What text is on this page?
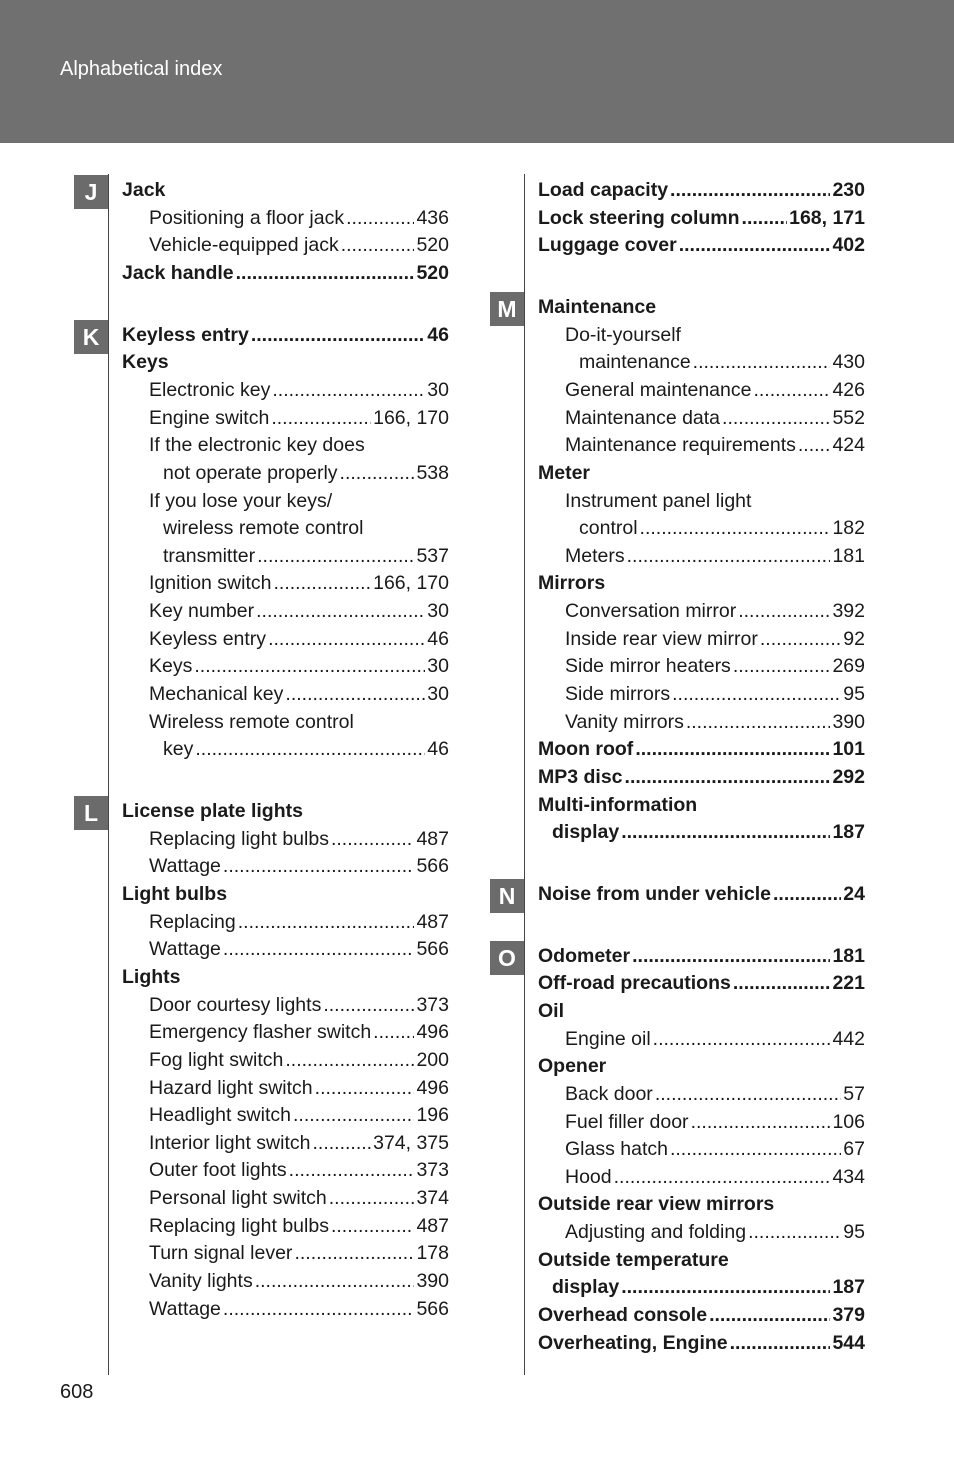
Alphabetical index
J	Jack
Positioning a floor jack .....	436
Vehicle-equipped jack .....	520
Jack handle .....	520
K	Keyless entry .....	46
Keys
Electronic key .....	30
Engine switch .....	166, 170
If the electronic key does
not operate properly .....	538
If you lose your keys/
wireless remote control
transmitter .....	537
Ignition switch .....	166, 170
Key number .....	30
Keyless entry .....	46
Keys .....	30
Mechanical key .....	30
Wireless remote control
key .....	46
L	License plate lights
Replacing light bulbs .....	487
Wattage .....	566
Light bulbs
Replacing .....	487
Wattage .....	566
Lights
Door courtesy lights .....	373
Emergency flasher switch ..... 496
Fog light switch .....	200
Hazard light switch .....	496
Headlight switch .....	196
Interior light switch .....	374, 375
Outer foot lights .....	373
Personal light switch .....	374
Replacing light bulbs .....	487
Turn signal lever .....	178
Vanity lights .....	390
Wattage .....	566
Load capacity .....	230
Lock steering column .....	168, 171
Luggage cover .....	402
M	Maintenance
Do-it-yourself
maintenance .....	430
General maintenance .....	426
Maintenance data .....	552
Maintenance requirements ..... 424
Meter
Instrument panel light
control .....	182
Meters .....	181
Mirrors
Conversation mirror .....	392
Inside rear view mirror .....	92
Side mirror heaters .....	269
Side mirrors .....	95
Vanity mirrors .....	390
Moon roof .....	101
MP3 disc .....	292
Multi-information
display .....	187
N	Noise from under vehicle .....	24
O	Odometer .....	181
Off-road precautions .....	221
Oil
Engine oil .....	442
Opener
Back door .....	57
Fuel filler door .....	106
Glass hatch .....	67
Hood .....	434
Outside rear view mirrors
Adjusting and folding .....	95
Outside temperature
display .....	187
Overhead console .....	379
Overheating, Engine .....	544
608
